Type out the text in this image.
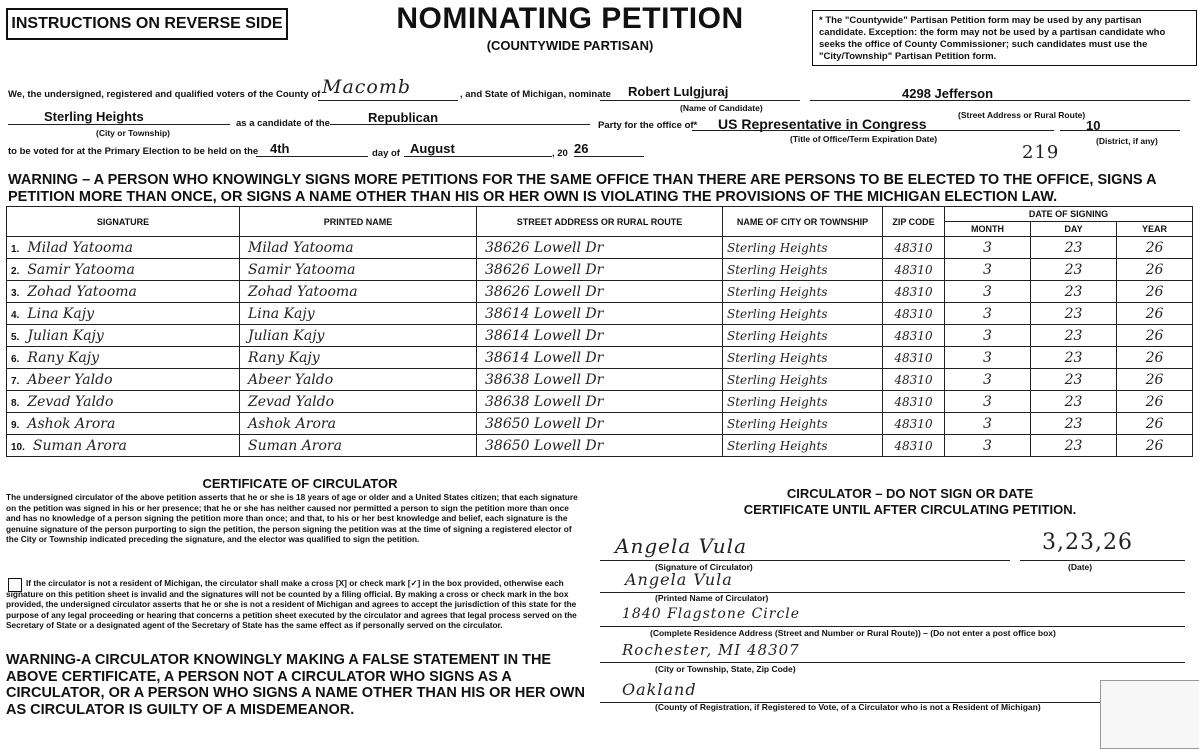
INSTRUCTIONS ON REVERSE SIDE	NOMINATING PETITION
(COUNTYWIDE PARTISAN)
* The "Countywide" Partisan Petition form may be used by any partisan candidate. Exception: the form may not be used by a partisan candidate who seeks the office of County Commissioner; such candidates must use the "City/Township" Partisan Petition form.
We, the undersigned, registered and qualified voters of the County of Macomb	, and State of Michigan, nominate Robert Lulgjuraj	4298 Jefferson
(Name of Candidate)
(Street Address or Rural Route)
Sterling Heights	as a candidate of the	Republican
Party for the office of* US Representative in Congress	10
(City or Township)
(Title of Office/Term Expiration Date)	(District, if any)
to be voted for at the Primary Election to be held on the 4th	day of August	, 20 26	219
WARNING – A PERSON WHO KNOWINGLY SIGNS MORE PETITIONS FOR THE SAME OFFICE THAN THERE ARE PERSONS TO BE ELECTED TO THE OFFICE, SIGNS A PETITION MORE THAN ONCE, OR SIGNS A NAME OTHER THAN HIS OR HER OWN IS VIOLATING THE PROVISIONS OF THE MICHIGAN ELECTION LAW.
SIGNATURE	PRINTED NAME	STREET ADDRESS OR RURAL ROUTE	NAME OF CITY OR TOWNSHIP	ZIP CODE	DATE OF SIGNING		
					MONTH	DAY	YEAR
1. Milad Yatooma	Milad Yatooma	38626 Lowell Dr	Sterling Heights	48310	3	23	26
2. Samir Yatooma	Samir Yatooma	38626 Lowell Dr	Sterling Heights	48310	3	23	26
3. Zohad Yatooma	Zohad Yatooma	38626 Lowell Dr	Sterling Heights	48310	3	23	26
4. Lina Kajy	Lina Kajy	38614 Lowell Dr	Sterling Heights	48310	3	23	26
5. Julian Kajy	Julian Kajy	38614 Lowell Dr	Sterling Heights	48310	3	23	26
6. Rany Kajy	Rany Kajy	38614 Lowell Dr	Sterling Heights	48310	3	23	26
7. Abeer Yaldo	Abeer Yaldo	38638 Lowell Dr	Sterling Heights	48310	3	23	26
8. Zevad Yaldo	Zevad Yaldo	38638 Lowell Dr	Sterling Heights	48310	3	23	26
9. Ashok Arora	Ashok Arora	38650 Lowell Dr	Sterling Heights	48310	3	23	26
10. Suman Arora	Suman Arora	38650 Lowell Dr	Sterling Heights	48310	3	23	26
CERTIFICATE OF CIRCULATOR
The undersigned circulator of the above petition asserts that he or she is 18 years of age or older and a United States citizen; that each signature on the petition was signed in his or her presence; that he or she has neither caused nor permitted a person to sign the petition more than once and has no knowledge of a person signing the petition more than once; and that, to his or her best knowledge and belief, each signature is the genuine signature of the person purporting to sign the petition, the person signing the petition was at the time of signing a registered elector of the City or Township indicated preceding the signature, and the elector was qualified to sign the petition.
If the circulator is not a resident of Michigan, the circulator shall make a cross [X] or check mark [✓] in the box provided, otherwise each signature on this petition sheet is invalid and the signatures will not be counted by a filing official. By making a cross or check mark in the box provided, the undersigned circulator asserts that he or she is not a resident of Michigan and agrees to accept the jurisdiction of this state for the purpose of any legal proceeding or hearing that concerns a petition sheet executed by the circulator and agrees that legal process served on the Secretary of State or a designated agent of the Secretary of State has the same effect as if personally served on the circulator.
WARNING-A CIRCULATOR KNOWINGLY MAKING A FALSE STATEMENT IN THE ABOVE CERTIFICATE, A PERSON NOT A CIRCULATOR WHO SIGNS AS A CIRCULATOR, OR A PERSON WHO SIGNS A NAME OTHER THAN HIS OR HER OWN AS CIRCULATOR IS GUILTY OF A MISDEMEANOR.
CIRCULATOR – DO NOT SIGN OR DATE
CERTIFICATE UNTIL AFTER CIRCULATING PETITION.
Angela Vula	3,23,26
(Signature of Circulator)	(Date)
Angela Vula
(Printed Name of Circulator)
1840 Flagstone Circle
(Complete Residence Address (Street and Number or Rural Route)) – (Do not enter a post office box)
Rochester, MI 48307
(City or Township, State, Zip Code)
Oakland
(County of Registration, if Registered to Vote, of a Circulator who is not a Resident of Michigan)
